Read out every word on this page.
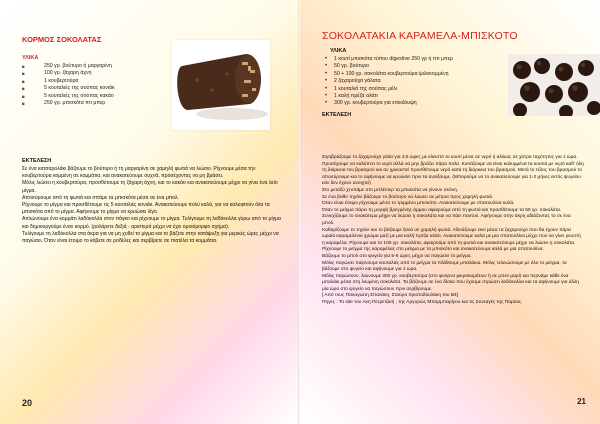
ΚΟΡΜΟΣ ΣΟΚΟΛΑΤΑΣ
ΥΛΙΚΑ
◙ 250 γρ. βούτυρο ή μαργαρίνη
◙ 100 γρ. ζάχαρη άχνη
◙ 1 κουβερτούρα
◙ 5 κουταλιές της σούπας κονιάκ
◙ 5 κουταλιές της σούπας κακάο
◙ 250 γρ. μπισκότα πτι μπερ
ΕΚΤΕΛΕΣΗ

Σε ένα κατσαρολάκι βάζουμε το βούτυρο ή τη μαργαρίνη σε χαμηλή φωτιά να λιώσει. Ρίχνουμε μέσα την κουβερτούρα κομμένη σε κομμάτια, και ανακατεύουμε συχνά, προσέχοντας να μη βράσει.

Μόλις λιώσει η κουβερτούρα, προσθέτουμε τη ζάχαρη άχνη, και το κακάο και ανακατεύουμε μέχρι να γίνει ένα λείο μίγμα.

Αποσύρουμε από τη φωτιά και σπάμε τα μπισκότα μέσα σε ένα μπολ.

Ρίχνουμε το μίγμα και προσθέτουμε τις 5 κουταλιές κονιάκ. Ανακατεύουμε πολύ καλά, για να καλυφτούν όλα τα μπισκότα από το μίγμα. Αφήνουμε το μίγμα να κρυώσει λίγο.

Απλώνουμε ένα κομμάτι λαδόκολλα στον πάγκο και ρίχνουμε το μίγμα. Τυλίγουμε τη λαδόκολλα γύρω από το μίγμα και δημιουργούμε έναν κορμό. (ρολάρετε δεξιά - αριστερά μέχρι να έχει ομοιόμορφο σχήμα).

Τυλίγουμε τη λαδόκολλα στα άκρα για να μη χυθεί το μίγμα και το βάζετε στην κατάψυξη για μερικές ώρες μέχρι να παγώσει. Όταν είναι έτοιμο το κόβετε σε ροδέλες και σερβίρετε σε πιατέλα τα κομμάτια.

20
ΣΟΚΟΛΑΤΑΚΙΑ ΚΑΡΑΜΕΛΑ-ΜΠΙΣΚΟΤΟ
ΥΛΙΚΑ
• 1 κουτί μπισκότα τύπου digestive 250 γρ ή πτι μπερ
• 50 γρ. βούτυρο
• 50 + 100 γρ. σοκολάτα κουβερτούρα ψιλοκομμένη
• 2 ζαχαρούχα γάλατα
• 1 κουταλιά της σούπας μέλι
• 1 καλή πρέζα αλάτι
• 300 γρ. κουβερτούρα για επικάλυψη
ΕΚΤΕΛΕΣΗ

Σιγοβράζουμε το ζαχαρούχο γάλα για 3,5 ώρες με κλειστό το κουτί μέσα σε νερό ή αλλιώς σε χύτρα ταχύτητος για 1 ώρα. Προσέχουμε να καλύπτει το νερό αλλά να μην βράζει πάρα πολύ. Κοιτάζουμε να είναι καλυμμένα τα κουτιά με νερό καθ' όλη τη διάρκεια του βρασμού και αν χρειαστεί προσθέτουμε νερό κατά τη διάρκεια του βρασμού. Μετά το τέλος του βρασμού το αποσύρουμε και το αφήνουμε να κρυώσει πριν τα ανοίξουμε. (Μπορούμε να το ανακατεύουμε για 1-2 μήνες εκτός ψυγείου εάν δεν έχουν ανοιχτεί)

Στο μεταξύ χτυπάμε στο μπλέντερ τα μπισκότα να γίνουν σκόνη.

Σε ένα βαθύ τηγάνι βάζουμε το βούτυρο να λιώσει σε μέτρια προς χαμηλή φωτιά.

Όταν είναι έτοιμο ρίχνουμε μέσα το τριμμένο μπισκότο. Ανακατεύουμε με σπατουλίνα καλά.

Όταν το μείγμα πάρει τη μορφή βρεγμένης άμμου αφαιρούμε από τη φωτιά και προσθέτουμε τα 50 γρ. σοκολάτα. Συνεχίζουμε το ανακάτεμα μέχρι να λιώσει η σοκολάτα και να πάει παντού. Αφήνουμε στην άκρη αδιάζοντας το σε ένα μπολ.

Καθαρίζουμε το τηγάνι και το βάζουμε ξανά σε χαμηλή φωτιά. Αδειάζουμε εκεί μέσα τα ζαχαρούχα που θα έχουν πάρει ωραία καραμελένια χρώμα μαζί με μια καλή πρέζα αλάτι. Ανακατεύουμε καλά με μια σπατουλίνα μέχρι που να γίνει ρευστή η καραμέλα. Ρίχνουμε και τα 100 γρ. σοκολάτα, αφαιρούμε από τη φωτιά και ανακατεύουμε μέχρι να λιώσει η σοκολάτα.

Ρίχνουμε το μείγμα της καραμέλας στο μείγμα με τα μπισκότο και ανακατεύουμε καλά με μια σπατουλίνα.

Βάζουμε το μπολ στο ψυγείο για 5-6 ώρες μέχρι να παγώσει το μείγμα.

Μόλις παγώσει παίρνουμε κουταλιές από το μείγμα τα πλάθουμε μπαλάκια. Μόλις τελειώσουμε με όλο το μείγμα, τα βάζουμε στο ψυγείο και αφήνουμε για 1 ώρα.

Μόλις παγώσουν, λιώνουμε 300 γρ. κουβερτούρα (στο φούρνο μικροκυμάτων ή σε μπεν μαρί) και περνάμε κάθε ένα μπαλάκι μέσα στη λιωμένη σοκολάτα. Τα βάζουμε σε ένα δίσκο που έχουμε στρώσει λαδόκολλα και τα αφήνουμε για άλλη μία ώρα στο ψυγείο να παγώσουν πριν σερβίρουμε.

[ Από τους Παναγιώτη Σπανάκη, Σταύρο Χριστοδουλάκη του Β4]

Πηγες : To site του Ακη Πετρετζική , της Αργυρώς Μπαρμπαρίγου και τις Συνταγές της Παρέας.

21
